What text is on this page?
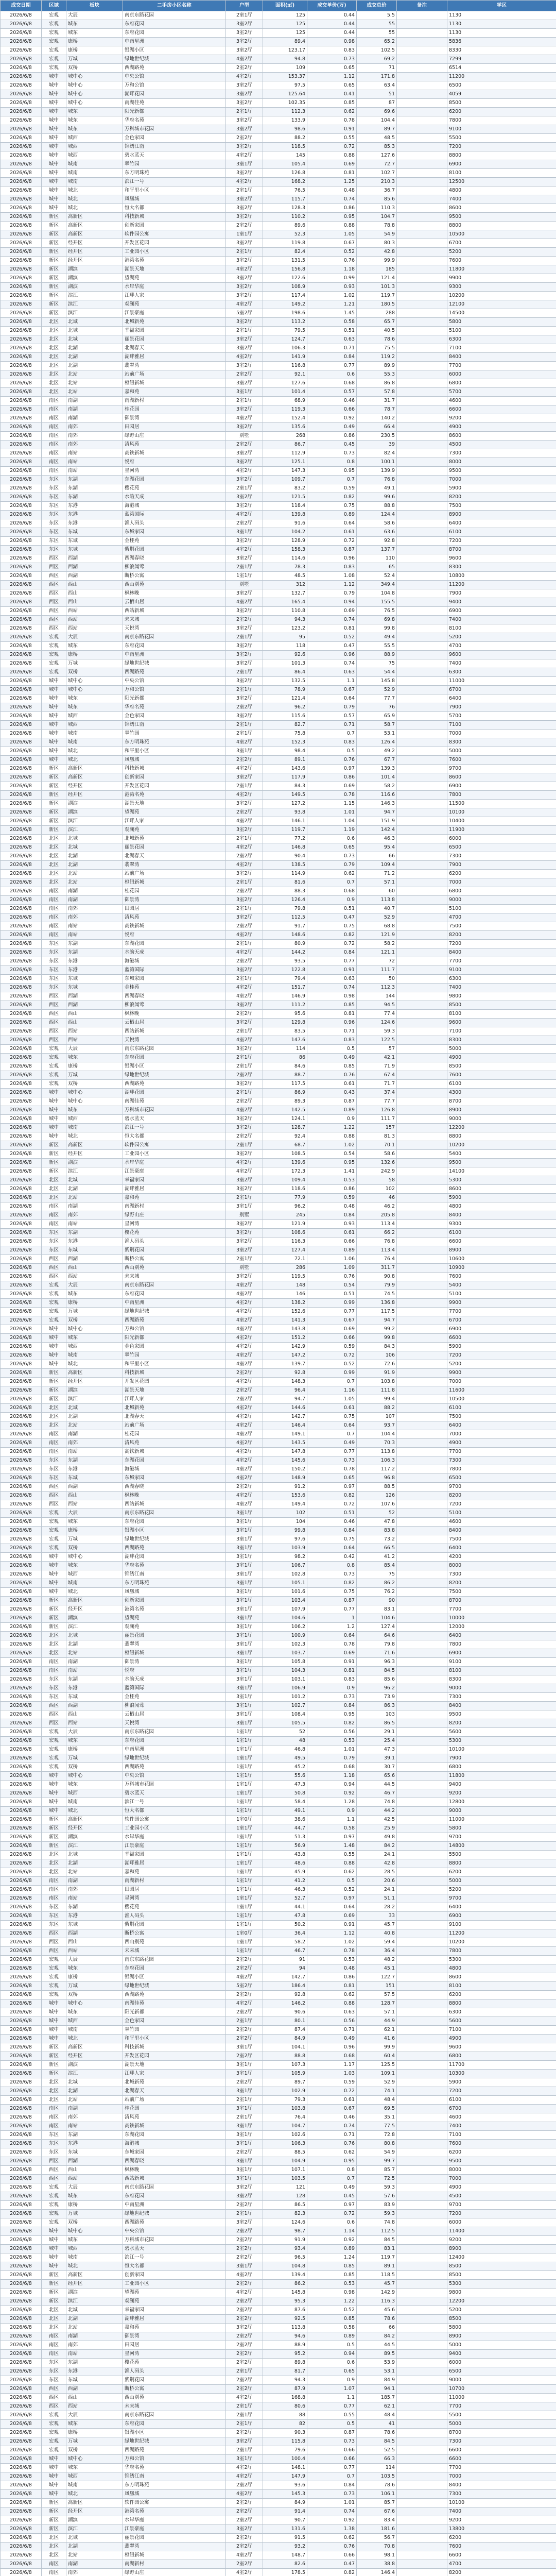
成交日期	区域	板块	二手房小区名称	户型	面积(㎡)	成交单价(万)	成交总价	备注	学区
2026/6/8	宏观	大辰	南京东路花园	2室1厅	125	0.44	5.5		1130
2026/6/8	宏观	城东	东府花园	3室2厅	125	0.44	55		1130
2026/6/8	宏观	城东	东府花园	3室2厅	125	0.44	55		1130
2026/6/8	宏观	康桥	中南星洲	3室2厅	89.4	0.98	65.2		5836
2026/6/8	宏观	康桥	银湖小区	3室2厅	123.17	0.83	102.5		8330
2026/6/8	宏观	万城	绿地世纪城	4室2厅	94.8	0.73	69.2		7299
2026/6/8	宏观	双桥	西湖路苑	2室2厅	109	0.65	71		6514
2026/6/8	城中	城中心	中央公馆	4室2厅	153.37	1.12	171.8		11200
2026/6/8	城中	城中心	万和公馆	3室2厅	97.5	0.65	63.4		6500
2026/6/8	城中	城中心	湖畔花园	3室2厅	125.64	0.41	51		4059
2026/6/8	城中	城中心	南湖佳苑	3室2厅	102.35	0.85	87		8500
2026/6/8	城中	城东	阳光新都	2室1厅	112.3	0.62	69.6		6200
2026/6/8	城中	城东	华府名苑	3室2厅	133.9	0.78	104.4		7800
2026/6/8	城中	城东	万科城市花园	3室2厅	98.6	0.91	89.7		9100
2026/6/8	城中	城西	金色家园	2室2厅	88.2	0.55	48.5		5500
2026/6/8	城中	城西	锦绣江南	3室2厅	118.5	0.72	85.3		7200
2026/6/8	城中	城西	碧水蓝天	4室2厅	145	0.88	127.6		8800
2026/6/8	城中	城南	翠竹园	3室1厅	105.4	0.69	72.7		6900
2026/6/8	城中	城南	东方明珠苑	3室2厅	126.8	0.81	102.7		8100
2026/6/8	城中	城南	滨江一号	4室2厅	168.2	1.25	210.3		12500
2026/6/8	城中	城北	和平里小区	2室1厅	76.5	0.48	36.7		4800
2026/6/8	城中	城北	凤凰城	3室2厅	115.7	0.74	85.6		7400
2026/6/8	城中	城北	恒大名都	3室2厅	128.3	0.86	110.3		8600
2026/6/8	新区	高新区	科技新城	3室2厅	110.2	0.95	104.7		9500
2026/6/8	新区	高新区	创新家园	2室2厅	89.6	0.88	78.8		8800
2026/6/8	新区	高新区	软件园公寓	1室1厅	52.3	1.05	54.9		10500
2026/6/8	新区	经开区	开发区花园	3室2厅	119.8	0.67	80.3		6700
2026/6/8	新区	经开区	工业园小区	2室1厅	82.4	0.52	42.8		5200
2026/6/8	新区	经开区	港湾名苑	3室2厅	131.5	0.76	99.9		7600
2026/6/8	新区	湖滨	湖景天地	4室2厅	156.8	1.18	185		11800
2026/6/8	新区	湖滨	望湖苑	3室2厅	122.6	0.99	121.4		9900
2026/6/8	新区	湖滨	水岸华庭	3室2厅	108.9	0.93	101.3		9300
2026/6/8	新区	滨江	江畔人家	3室2厅	117.4	1.02	119.7		10200
2026/6/8	新区	滨江	观澜苑	4室2厅	149.2	1.21	180.5		12100
2026/6/8	新区	滨江	江景豪庭	5室2厅	198.6	1.45	288		14500
2026/6/8	北区	北城	北城新苑	3室2厅	113.2	0.58	65.7		5800
2026/6/8	北区	北城	幸福家园	2室1厅	79.5	0.51	40.5		5100
2026/6/8	北区	北城	丽景花园	3室2厅	124.7	0.63	78.6		6300
2026/6/8	北区	北湖	北湖春天	3室2厅	106.3	0.71	75.5		7100
2026/6/8	北区	北湖	湖畔雅居	4室2厅	141.9	0.84	119.2		8400
2026/6/8	北区	北湖	翡翠湾	3室2厅	116.8	0.77	89.9		7700
2026/6/8	北区	北站	站前广场	2室2厅	92.1	0.6	55.3		6000
2026/6/8	北区	北站	枢纽新城	3室2厅	127.6	0.68	86.8		6800
2026/6/8	北区	北站	嘉和苑	3室1厅	101.4	0.57	57.8		5700
2026/6/8	南区	南湖	南湖新村	2室1厅	68.9	0.46	31.7		4600
2026/6/8	南区	南湖	桂花园	3室2厅	119.3	0.66	78.7		6600
2026/6/8	南区	南湖	御景湾	4室2厅	152.4	0.92	140.2		9200
2026/6/8	南区	南郊	田园居	3室2厅	135.6	0.49	66.4		4900
2026/6/8	南区	南郊	绿野山庄	别墅	268	0.86	230.5		8600
2026/6/8	南区	南郊	清风苑	2室2厅	86.7	0.45	39		4500
2026/6/8	南区	南站	高铁新城	3室2厅	112.9	0.73	82.4		7300
2026/6/8	南区	南站	悦府	3室2厅	125.1	0.8	100.1		8000
2026/6/8	南区	南站	星河湾	4室2厅	147.3	0.95	139.9		9500
2026/6/8	东区	东湖	东湖花园	3室2厅	109.7	0.7	76.8		7000
2026/6/8	东区	东湖	樱花苑	2室1厅	83.2	0.59	49.1		5900
2026/6/8	东区	东湖	水韵天成	3室2厅	121.5	0.82	99.6		8200
2026/6/8	东区	东港	海港城	3室2厅	118.4	0.75	88.8		7500
2026/6/8	东区	东港	蓝湾国际	4室2厅	139.8	0.89	124.4		8900
2026/6/8	东区	东港	渔人码头	2室2厅	91.6	0.64	58.6		6400
2026/6/8	东区	东城	东城家园	3室1厅	104.2	0.61	63.6		6100
2026/6/8	东区	东城	金桂苑	3室2厅	128.9	0.72	92.8		7200
2026/6/8	东区	东城	紫荆花园	4室2厅	158.3	0.87	137.7		8700
2026/6/8	西区	西湖	西湖春晓	3室2厅	114.6	0.96	110		9600
2026/6/8	西区	西湖	柳浪闻莺	2室1厅	78.3	0.83	65		8300
2026/6/8	西区	西湖	断桥公寓	1室1厅	48.5	1.08	52.4		10800
2026/6/8	西区	西山	西山别苑	别墅	312	1.12	349.4		11200
2026/6/8	西区	西山	枫林晚	3室2厅	132.7	0.79	104.8		7900
2026/6/8	西区	西山	云栖山居	4室2厅	165.4	0.94	155.5		9400
2026/6/8	西区	西站	西站新城	3室2厅	110.8	0.69	76.5		6900
2026/6/8	西区	西站	未来城	2室2厅	94.3	0.74	69.8		7400
2026/6/8	西区	西站	天悦湾	3室2厅	123.2	0.81	99.8		8100
2026/6/8	宏观	大辰	南京东路花园	2室1厅	95	0.52	49.4		5200
2026/6/8	宏观	城东	东府花园	3室2厅	118	0.47	55.5		4700
2026/6/8	宏观	康桥	中南星洲	3室2厅	92.6	0.96	88.9		9600
2026/6/8	宏观	万城	绿地世纪城	3室2厅	101.3	0.74	75		7400
2026/6/8	宏观	双桥	西湖路苑	2室1厅	86.4	0.63	54.4		6300
2026/6/8	城中	城中心	中央公馆	3室2厅	132.5	1.1	145.8		11000
2026/6/8	城中	城中心	万和公馆	2室1厅	78.9	0.67	52.9		6700
2026/6/8	城中	城东	阳光新都	3室2厅	121.4	0.64	77.7		6400
2026/6/8	城中	城东	华府名苑	2室2厅	96.2	0.79	76		7900
2026/6/8	城中	城西	金色家园	3室2厅	115.6	0.57	65.9		5700
2026/6/8	城中	城西	锦绣江南	2室1厅	82.7	0.71	58.7		7100
2026/6/8	城中	城南	翠竹园	2室1厅	75.8	0.7	53.1		7000
2026/6/8	城中	城南	东方明珠苑	4室2厅	152.3	0.83	126.4		8300
2026/6/8	城中	城北	和平里小区	3室1厅	98.4	0.5	49.2		5000
2026/6/8	城中	城北	凤凰城	2室2厅	89.1	0.76	67.7		7600
2026/6/8	新区	高新区	科技新城	4室2厅	143.6	0.97	139.3		9700
2026/6/8	新区	高新区	创新家园	3室2厅	117.9	0.86	101.4		8600
2026/6/8	新区	经开区	开发区花园	2室1厅	84.3	0.69	58.2		6900
2026/6/8	新区	经开区	港湾名苑	4室2厅	149.5	0.78	116.6		7800
2026/6/8	新区	湖滨	湖景天地	3室2厅	127.2	1.15	146.3		11500
2026/6/8	新区	湖滨	望湖苑	2室2厅	93.8	1.01	94.7		10100
2026/6/8	新区	滨江	江畔人家	4室2厅	146.1	1.04	151.9		10400
2026/6/8	新区	滨江	观澜苑	3室2厅	119.7	1.19	142.4		11900
2026/6/8	北区	北城	北城新苑	2室1厅	77.2	0.6	46.3		6000
2026/6/8	北区	北城	丽景花园	4室2厅	146.8	0.65	95.4		6500
2026/6/8	北区	北湖	北湖春天	2室2厅	90.4	0.73	66		7300
2026/6/8	北区	北湖	翡翠湾	4室2厅	138.5	0.79	109.4		7900
2026/6/8	北区	北站	站前广场	3室2厅	114.9	0.62	71.2		6200
2026/6/8	北区	北站	枢纽新城	2室1厅	81.6	0.7	57.1		7000
2026/6/8	南区	南湖	桂花园	2室2厅	88.3	0.68	60		6800
2026/6/8	南区	南湖	御景湾	3室2厅	126.4	0.9	113.8		9000
2026/6/8	南区	南郊	田园居	2室1厅	79.8	0.51	40.7		5100
2026/6/8	南区	南郊	清风苑	3室2厅	112.5	0.47	52.9		4700
2026/6/8	南区	南站	高铁新城	2室2厅	91.7	0.75	68.8		7500
2026/6/8	南区	南站	悦府	4室2厅	148.6	0.82	121.9		8200
2026/6/8	东区	东湖	东湖花园	2室1厅	80.9	0.72	58.2		7200
2026/6/8	东区	东湖	水韵天成	4室2厅	144.2	0.84	121.1		8400
2026/6/8	东区	东港	海港城	2室2厅	93.5	0.77	72		7700
2026/6/8	东区	东港	蓝湾国际	3室2厅	122.8	0.91	111.7		9100
2026/6/8	东区	东城	东城家园	2室1厅	79.4	0.63	50		6300
2026/6/8	东区	东城	金桂苑	4室2厅	151.7	0.74	112.3		7400
2026/6/8	西区	西湖	西湖春晓	4室2厅	146.9	0.98	144		9800
2026/6/8	西区	西湖	柳浪闻莺	3室2厅	111.2	0.85	94.5		8500
2026/6/8	西区	西山	枫林晚	2室2厅	95.6	0.81	77.4		8100
2026/6/8	西区	西山	云栖山居	3室2厅	129.8	0.96	124.6		9600
2026/6/8	西区	西站	西站新城	2室1厅	83.5	0.71	59.3		7100
2026/6/8	西区	西站	天悦湾	4室2厅	147.6	0.83	122.5		8300
2026/6/8	宏观	大辰	南京东路花园	3室2厅	114	0.5	57		5000
2026/6/8	宏观	城东	东府花园	2室1厅	86	0.49	42.1		4900
2026/6/8	宏观	康桥	银湖小区	2室1厅	84.6	0.85	71.9		8500
2026/6/8	宏观	万城	绿地世纪城	2室2厅	88.7	0.76	67.4		7600
2026/6/8	宏观	双桥	西湖路苑	3室2厅	117.5	0.61	71.7		6100
2026/6/8	城中	城中心	湖畔花园	2室1厅	86.9	0.43	37.4		4300
2026/6/8	城中	城中心	南湖佳苑	2室2厅	89.3	0.87	77.7		8700
2026/6/8	城中	城东	万科城市花园	4室2厅	142.5	0.89	126.8		8900
2026/6/8	城中	城西	碧水蓝天	3室2厅	124.1	0.9	111.7		9000
2026/6/8	城中	城南	滨江一号	3室2厅	128.7	1.22	157		12200
2026/6/8	城中	城北	恒大名都	2室2厅	92.4	0.88	81.3		8800
2026/6/8	新区	高新区	软件园公寓	2室1厅	68.7	1.02	70.1		10200
2026/6/8	新区	经开区	工业园小区	3室2厅	108.5	0.54	58.6		5400
2026/6/8	新区	湖滨	水岸华庭	4室2厅	139.6	0.95	132.6		9500
2026/6/8	新区	滨江	江景豪庭	4室2厅	172.3	1.41	242.9		14100
2026/6/8	北区	北城	幸福家园	3室2厅	109.4	0.53	58		5300
2026/6/8	北区	北湖	湖畔雅居	3室2厅	118.6	0.86	102		8600
2026/6/8	北区	北站	嘉和苑	2室1厅	77.9	0.59	46		5900
2026/6/8	南区	南湖	南湖新村	3室1厅	96.2	0.48	46.2		4800
2026/6/8	南区	南郊	绿野山庄	别墅	245	0.84	205.8		8400
2026/6/8	南区	南站	星河湾	3室2厅	121.9	0.93	113.4		9300
2026/6/8	东区	东湖	樱花苑	3室2厅	108.6	0.61	66.2		6100
2026/6/8	东区	东港	渔人码头	3室2厅	116.3	0.66	76.8		6600
2026/6/8	东区	东城	紫荆花园	3室2厅	127.4	0.89	113.4		8900
2026/6/8	西区	西湖	断桥公寓	2室1厅	72.1	1.06	76.4		10600
2026/6/8	西区	西山	西山别苑	别墅	286	1.09	311.7		10900
2026/6/8	西区	西站	未来城	3室2厅	119.5	0.76	90.8		7600
2026/6/8	宏观	大辰	南京东路花园	4室2厅	148	0.54	79.9		5400
2026/6/8	宏观	城东	东府花园	4室2厅	146	0.51	74.5		5100
2026/6/8	宏观	康桥	中南星洲	4室2厅	138.2	0.99	136.8		9900
2026/6/8	宏观	万城	绿地世纪城	4室2厅	152.6	0.77	117.5		7700
2026/6/8	宏观	双桥	西湖路苑	4室2厅	141.3	0.67	94.7		6700
2026/6/8	城中	城中心	万和公馆	4室2厅	143.8	0.69	99.2		6900
2026/6/8	城中	城东	阳光新都	4室2厅	151.2	0.66	99.8		6600
2026/6/8	城中	城西	金色家园	4室2厅	142.9	0.59	84.3		5900
2026/6/8	城中	城南	翠竹园	4室2厅	147.2	0.72	106		7200
2026/6/8	城中	城北	和平里小区	4室2厅	139.7	0.52	72.6		5200
2026/6/8	新区	高新区	科技新城	2室2厅	92.8	0.99	91.9		9900
2026/6/8	新区	经开区	开发区花园	4室2厅	148.3	0.7	103.8		7000
2026/6/8	新区	湖滨	湖景天地	2室2厅	96.4	1.16	111.8		11600
2026/6/8	新区	滨江	江畔人家	2室2厅	94.7	1.05	99.4		10500
2026/6/8	北区	北城	北城新苑	4室2厅	144.6	0.61	88.2		6100
2026/6/8	北区	北湖	北湖春天	4室2厅	142.7	0.75	107		7500
2026/6/8	北区	北站	站前广场	4室2厅	146.4	0.64	93.7		6400
2026/6/8	南区	南湖	桂花园	4室2厅	149.1	0.7	104.4		7000
2026/6/8	南区	南郊	清风苑	4室2厅	143.5	0.49	70.3		4900
2026/6/8	南区	南站	高铁新城	4室2厅	147.8	0.77	113.8		7700
2026/6/8	东区	东湖	东湖花园	4室2厅	145.6	0.73	106.3		7300
2026/6/8	东区	东港	海港城	4室2厅	150.2	0.78	117.2		7800
2026/6/8	东区	东城	东城家园	4室2厅	148.9	0.65	96.8		6500
2026/6/8	西区	西湖	西湖春晓	2室2厅	91.2	0.97	88.5		9700
2026/6/8	西区	西山	枫林晚	4室2厅	153.6	0.82	126		8200
2026/6/8	西区	西站	西站新城	4室2厅	149.4	0.72	107.6		7200
2026/6/8	宏观	大辰	南京东路花园	3室1厅	102	0.51	52		5100
2026/6/8	宏观	城东	东府花园	3室1厅	104	0.46	47.8		4600
2026/6/8	宏观	康桥	银湖小区	3室1厅	99.8	0.84	83.8		8400
2026/6/8	宏观	万城	绿地世纪城	3室1厅	97.6	0.75	73.2		7500
2026/6/8	宏观	双桥	西湖路苑	3室1厅	103.9	0.64	66.5		6400
2026/6/8	城中	城中心	湖畔花园	3室1厅	98.2	0.42	41.2		4200
2026/6/8	城中	城东	华府名苑	3室1厅	106.7	0.8	85.4		8000
2026/6/8	城中	城西	锦绣江南	3室1厅	102.8	0.73	75		7300
2026/6/8	城中	城南	东方明珠苑	3室1厅	105.1	0.82	86.2		8200
2026/6/8	城中	城北	凤凰城	3室1厅	101.6	0.75	76.2		7500
2026/6/8	新区	高新区	创新家园	3室1厅	103.4	0.87	90		8700
2026/6/8	新区	经开区	港湾名苑	3室1厅	107.9	0.77	83.1		7700
2026/6/8	新区	湖滨	望湖苑	3室1厅	104.6	1	104.6		10000
2026/6/8	新区	滨江	观澜苑	3室1厅	106.2	1.2	127.4		12000
2026/6/8	北区	北城	丽景花园	3室1厅	100.9	0.64	64.6		6400
2026/6/8	北区	北湖	翡翠湾	3室1厅	102.3	0.78	79.8		7800
2026/6/8	北区	北站	枢纽新城	3室1厅	103.7	0.69	71.6		6900
2026/6/8	南区	南湖	御景湾	3室1厅	105.8	0.91	96.3		9100
2026/6/8	南区	南站	悦府	3室1厅	104.3	0.81	84.5		8100
2026/6/8	东区	东湖	水韵天成	3室1厅	103.1	0.83	85.6		8300
2026/6/8	东区	东港	蓝湾国际	3室1厅	106.9	0.9	96.2		9000
2026/6/8	东区	东城	金桂苑	3室1厅	101.2	0.73	73.9		7300
2026/6/8	西区	西湖	柳浪闻莺	3室1厅	102.7	0.84	86.3		8400
2026/6/8	西区	西山	云栖山居	3室1厅	108.4	0.95	103		9500
2026/6/8	西区	西站	天悦湾	3室1厅	105.5	0.82	86.5		8200
2026/6/8	宏观	大辰	南京东路花园	1室1厅	52	0.56	29.1		5600
2026/6/8	宏观	城东	东府花园	1室1厅	48	0.53	25.4		5300
2026/6/8	宏观	康桥	中南星洲	1室1厅	46.8	1.01	47.3		10100
2026/6/8	宏观	万城	绿地世纪城	1室1厅	49.5	0.79	39.1		7900
2026/6/8	宏观	双桥	西湖路苑	1室1厅	45.2	0.68	30.7		6800
2026/6/8	城中	城中心	中央公馆	1室1厅	55.6	1.18	65.6		11800
2026/6/8	城中	城东	万科城市花园	1室1厅	47.3	0.94	44.5		9400
2026/6/8	城中	城西	碧水蓝天	1室1厅	50.8	0.92	46.7		9200
2026/6/8	城中	城南	滨江一号	1室1厅	58.4	1.28	74.8		12800
2026/6/8	城中	城北	恒大名都	1室1厅	49.1	0.9	44.2		9000
2026/6/8	新区	高新区	软件园公寓	1室0厅	38.6	1.1	42.5		11000
2026/6/8	新区	经开区	工业园小区	1室1厅	44.7	0.58	25.9		5800
2026/6/8	新区	湖滨	水岸华庭	1室1厅	51.3	0.97	49.8		9700
2026/6/8	新区	滨江	江景豪庭	1室1厅	56.9	1.48	84.2		14800
2026/6/8	北区	北城	幸福家园	1室1厅	43.8	0.55	24.1		5500
2026/6/8	北区	北湖	湖畔雅居	1室1厅	48.6	0.88	42.8		8800
2026/6/8	北区	北站	嘉和苑	1室1厅	45.9	0.62	28.5		6200
2026/6/8	南区	南湖	南湖新村	1室1厅	41.2	0.5	20.6		5000
2026/6/8	南区	南郊	田园居	1室1厅	46.3	0.52	24.1		5200
2026/6/8	南区	南站	星河湾	1室1厅	52.7	0.97	51.1		9700
2026/6/8	东区	东湖	樱花苑	1室1厅	44.1	0.64	28.2		6400
2026/6/8	东区	东港	渔人码头	1室1厅	47.8	0.69	33		6900
2026/6/8	东区	东城	紫荆花园	1室1厅	50.2	0.91	45.7		9100
2026/6/8	西区	西湖	断桥公寓	1室0厅	36.4	1.12	40.8		11200
2026/6/8	西区	西山	西山别苑	1室1厅	58.2	1.02	59.4		10200
2026/6/8	西区	西站	未来城	1室1厅	46.7	0.78	36.4		7800
2026/6/8	宏观	大辰	南京东路花园	2室2厅	91	0.53	48.2		5300
2026/6/8	宏观	城东	东府花园	2室2厅	94	0.48	45.1		4800
2026/6/8	宏观	康桥	银湖小区	4室2厅	142.7	0.86	122.7		8600
2026/6/8	宏观	万城	绿地世纪城	5室2厅	186.4	0.81	151		8100
2026/6/8	宏观	双桥	西湖路苑	2室2厅	92.8	0.62	57.5		6200
2026/6/8	城中	城中心	南湖佳苑	4室2厅	146.2	0.88	128.7		8800
2026/6/8	城中	城东	阳光新都	2室2厅	90.6	0.63	57.1		6300
2026/6/8	城中	城西	金色家园	2室1厅	80.1	0.56	44.9		5600
2026/6/8	城中	城南	翠竹园	2室2厅	87.4	0.71	62.1		7100
2026/6/8	城中	城北	和平里小区	2室2厅	84.9	0.49	41.6		4900
2026/6/8	新区	高新区	科技新城	3室1厅	104.1	0.96	99.9		9600
2026/6/8	新区	经开区	开发区花园	2室2厅	88.8	0.68	60.4		6800
2026/6/8	新区	湖滨	湖景天地	3室1厅	107.3	1.17	125.5		11700
2026/6/8	新区	滨江	江畔人家	3室1厅	105.9	1.03	109.1		10300
2026/6/8	北区	北城	北城新苑	2室2厅	89.7	0.59	52.9		5900
2026/6/8	北区	北湖	北湖春天	3室1厅	102.9	0.72	74.1		7200
2026/6/8	北区	北站	站前广场	2室1厅	79.3	0.61	48.4		6100
2026/6/8	南区	南湖	桂花园	3室1厅	103.8	0.67	69.5		6700
2026/6/8	南区	南郊	清风苑	2室1厅	76.4	0.46	35.1		4600
2026/6/8	南区	南站	高铁新城	3室1厅	104.7	0.74	77.5		7400
2026/6/8	东区	东湖	东湖花园	3室1厅	102.6	0.71	72.8		7100
2026/6/8	东区	东港	海港城	3室1厅	106.3	0.76	80.8		7600
2026/6/8	东区	东城	东城家园	2室2厅	88.5	0.62	54.9		6200
2026/6/8	西区	西湖	西湖春晓	3室1厅	104.9	0.95	99.7		9500
2026/6/8	西区	西山	枫林晚	3室1厅	107.1	0.8	85.7		8000
2026/6/8	西区	西站	西站新城	3室1厅	103.5	0.7	72.5		7000
2026/6/8	宏观	大辰	南京东路花园	3室2厅	121	0.49	59.3		4900
2026/6/8	宏观	城东	东府花园	3室2厅	128	0.45	57.6		4500
2026/6/8	宏观	康桥	中南星洲	2室2厅	86.5	0.97	83.9		9700
2026/6/8	宏观	万城	绿地世纪城	2室1厅	82.3	0.72	59.3		7200
2026/6/8	宏观	双桥	西湖路苑	3室2厅	124.6	0.6	74.8		6000
2026/6/8	城中	城中心	中央公馆	2室2厅	98.7	1.14	112.5		11400
2026/6/8	城中	城东	万科城市花园	2室2厅	91.9	0.92	84.5		9200
2026/6/8	城中	城西	碧水蓝天	2室2厅	93.4	0.89	83.1		8900
2026/6/8	城中	城南	滨江一号	2室2厅	96.5	1.24	119.7		12400
2026/6/8	城中	城北	恒大名都	3室1厅	104.8	0.85	89.1		8500
2026/6/8	新区	高新区	创新家园	4室2厅	139.4	0.85	118.5		8500
2026/6/8	新区	经开区	工业园小区	2室2厅	86.2	0.53	45.7		5300
2026/6/8	新区	湖滨	望湖苑	4室2厅	145.8	0.98	142.9		9800
2026/6/8	新区	滨江	观澜苑	2室2厅	95.3	1.22	116.3		12200
2026/6/8	北区	北城	幸福家园	2室2厅	87.6	0.52	45.6		5200
2026/6/8	北区	北湖	湖畔雅居	2室2厅	92.5	0.85	78.6		8500
2026/6/8	北区	北站	嘉和苑	3室2厅	113.8	0.58	66		5800
2026/6/8	南区	南湖	御景湾	2室2厅	94.6	0.89	84.2		8900
2026/6/8	南区	南郊	田园居	2室2厅	88.9	0.5	44.5		5000
2026/6/8	南区	南站	星河湾	2室2厅	95.2	0.94	89.5		9400
2026/6/8	东区	东湖	樱花苑	2室2厅	89.8	0.6	53.9		6000
2026/6/8	东区	东港	渔人码头	2室1厅	81.7	0.65	53.1		6500
2026/6/8	东区	东城	紫荆花园	2室2厅	94.3	0.9	84.9		9000
2026/6/8	西区	西湖	断桥公寓	2室2厅	87.9	1.07	94.1		10700
2026/6/8	西区	西山	西山别苑	4室2厅	168.8	1.1	185.7		11000
2026/6/8	西区	西站	未来城	2室1厅	80.6	0.77	62.1		7700
2026/6/8	宏观	大辰	南京东路花园	2室1厅	88	0.55	48.4		5500
2026/6/8	宏观	城东	东府花园	2室1厅	82	0.5	41		5000
2026/6/8	宏观	康桥	银湖小区	2室2厅	90.3	0.87	78.6		8700
2026/6/8	宏观	万城	绿地世纪城	3室2厅	115.8	0.73	84.5		7300
2026/6/8	宏观	双桥	西湖路苑	2室1厅	79.6	0.66	52.5		6600
2026/6/8	城中	城中心	万和公馆	3室1厅	100.4	0.66	66.3		6600
2026/6/8	城中	城东	华府名苑	4室2厅	148.1	0.77	114		7700
2026/6/8	城中	城西	锦绣江南	4室2厅	147.9	0.7	103.5		7000
2026/6/8	城中	城南	东方明珠苑	2室2厅	93.6	0.84	78.6		8400
2026/6/8	城中	城北	凤凰城	4室2厅	145.3	0.73	106.1		7300
2026/6/8	新区	高新区	软件园公寓	2室2厅	84.9	1.01	85.7		10100
2026/6/8	新区	经开区	港湾名苑	2室2厅	91.4	0.74	67.6		7400
2026/6/8	新区	湖滨	水岸华庭	2室2厅	90.7	0.92	83.4		9200
2026/6/8	新区	滨江	江景豪庭	3室2厅	131.6	1.38	181.6		13800
2026/6/8	北区	北城	丽景花园	2室2厅	91.5	0.62	56.7		6200
2026/6/8	北区	北湖	翡翠湾	2室2厅	93.2	0.76	70.8		7600
2026/6/8	北区	北站	枢纽新城	4室2厅	148.7	0.66	98.1		6600
2026/6/8	南区	南湖	南湖新村	2室2厅	82.6	0.47	38.8		4700
2026/6/8	南区	南郊	绿野山庄	4室2厅	178.5	0.82	146.4		8200
